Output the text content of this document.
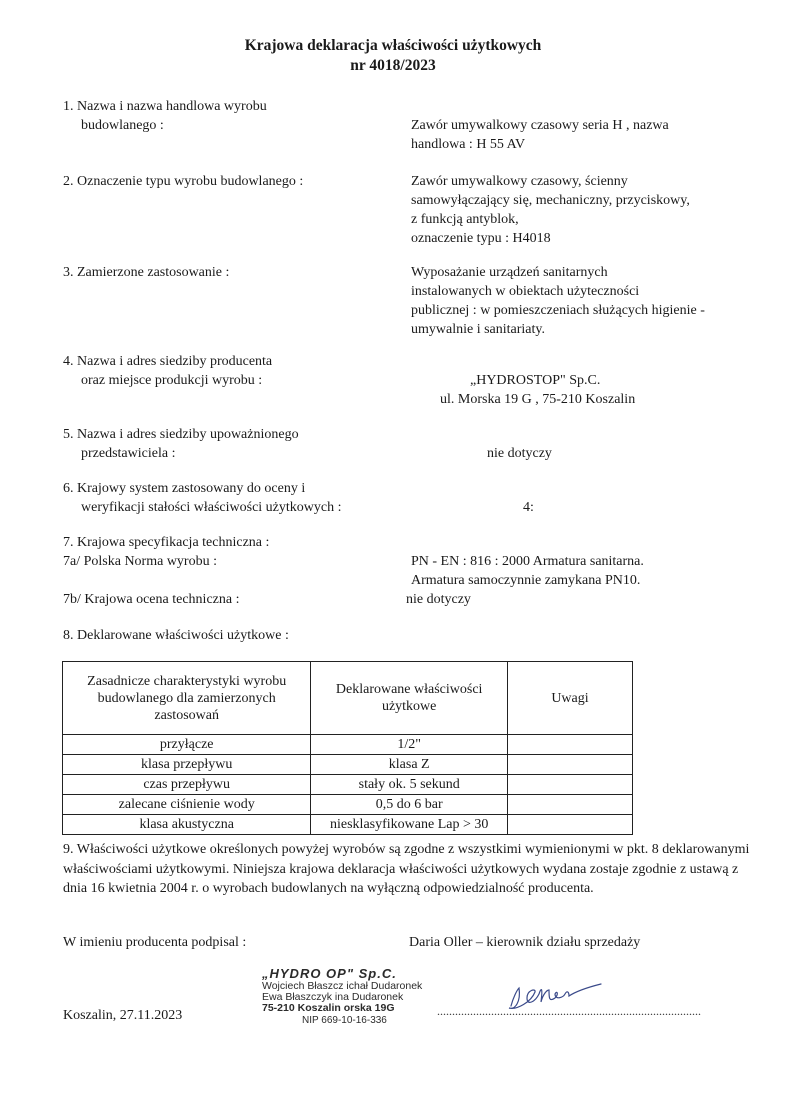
Krajowa deklaracja właściwości użytkowych
nr 4018/2023
1. Nazwa i nazwa handlowa wyrobu
budowlanego :	Zawór umywalkowy czasowy seria H , nazwa
handlowa : H 55 AV
2. Oznaczenie typu wyrobu budowlanego :	Zawór umywalkowy czasowy, ścienny
samowyłączający się, mechaniczny, przyciskowy,
z funkcją antyblok,
oznaczenie typu : H4018
3. Zamierzone zastosowanie :	Wyposażanie urządzeń sanitarnych
instalowanych w obiektach użyteczności
publicznej : w pomieszczeniach służących higienie -
umywalnie i sanitariaty.
4. Nazwa i adres siedziby producenta
oraz miejsce produkcji wyrobu :	„HYDROSTOP" Sp.C.
ul. Morska 19 G , 75-210 Koszalin
5. Nazwa i adres siedziby upoważnionego
przedstawiciela :	nie dotyczy
6. Krajowy system zastosowany do oceny i
weryfikacji stałości właściwości użytkowych :	4:
7. Krajowa specyfikacja techniczna :
7a/ Polska Norma wyrobu :	PN - EN : 816 : 2000 Armatura sanitarna.
Armatura samoczynnie zamykana PN10.
7b/ Krajowa ocena techniczna :	nie dotyczy
8. Deklarowane właściwości użytkowe :
Zasadnicze charakterystyki wyrobu budowlanego dla zamierzonych zastosowań	Deklarowane właściwości użytkowe	Uwagi
przyłącze	1/2"	
klasa przepływu	klasa Z	
czas przepływu	stały ok. 5 sekund	
zalecane ciśnienie wody	0,5 do 6 bar	
klasa akustyczna	niesklasyfikowane Lap > 30	
9. Właściwości użytkowe określonych powyżej wyrobów są zgodne z wszystkimi wymienionymi w pkt. 8 deklarowanymi właściwościami użytkowymi. Niniejsza krajowa deklaracja właściwości użytkowych wydana zostaje zgodnie z ustawą z dnia 16 kwietnia 2004 r. o wyrobach budowlanych na wyłączną odpowiedzialność producenta.
W imieniu producenta podpisal :	Daria Oller – kierownik działu sprzedaży
Koszalin, 27.11.2023
„HYDRO OP" Sp.C.
Wojciech Błaszcz ichał Dudaronek
Ewa Błaszczyk ina Dudaronek
75-210 Koszalin orska 19G
NIP 669-10-16-336
........................................................................................
